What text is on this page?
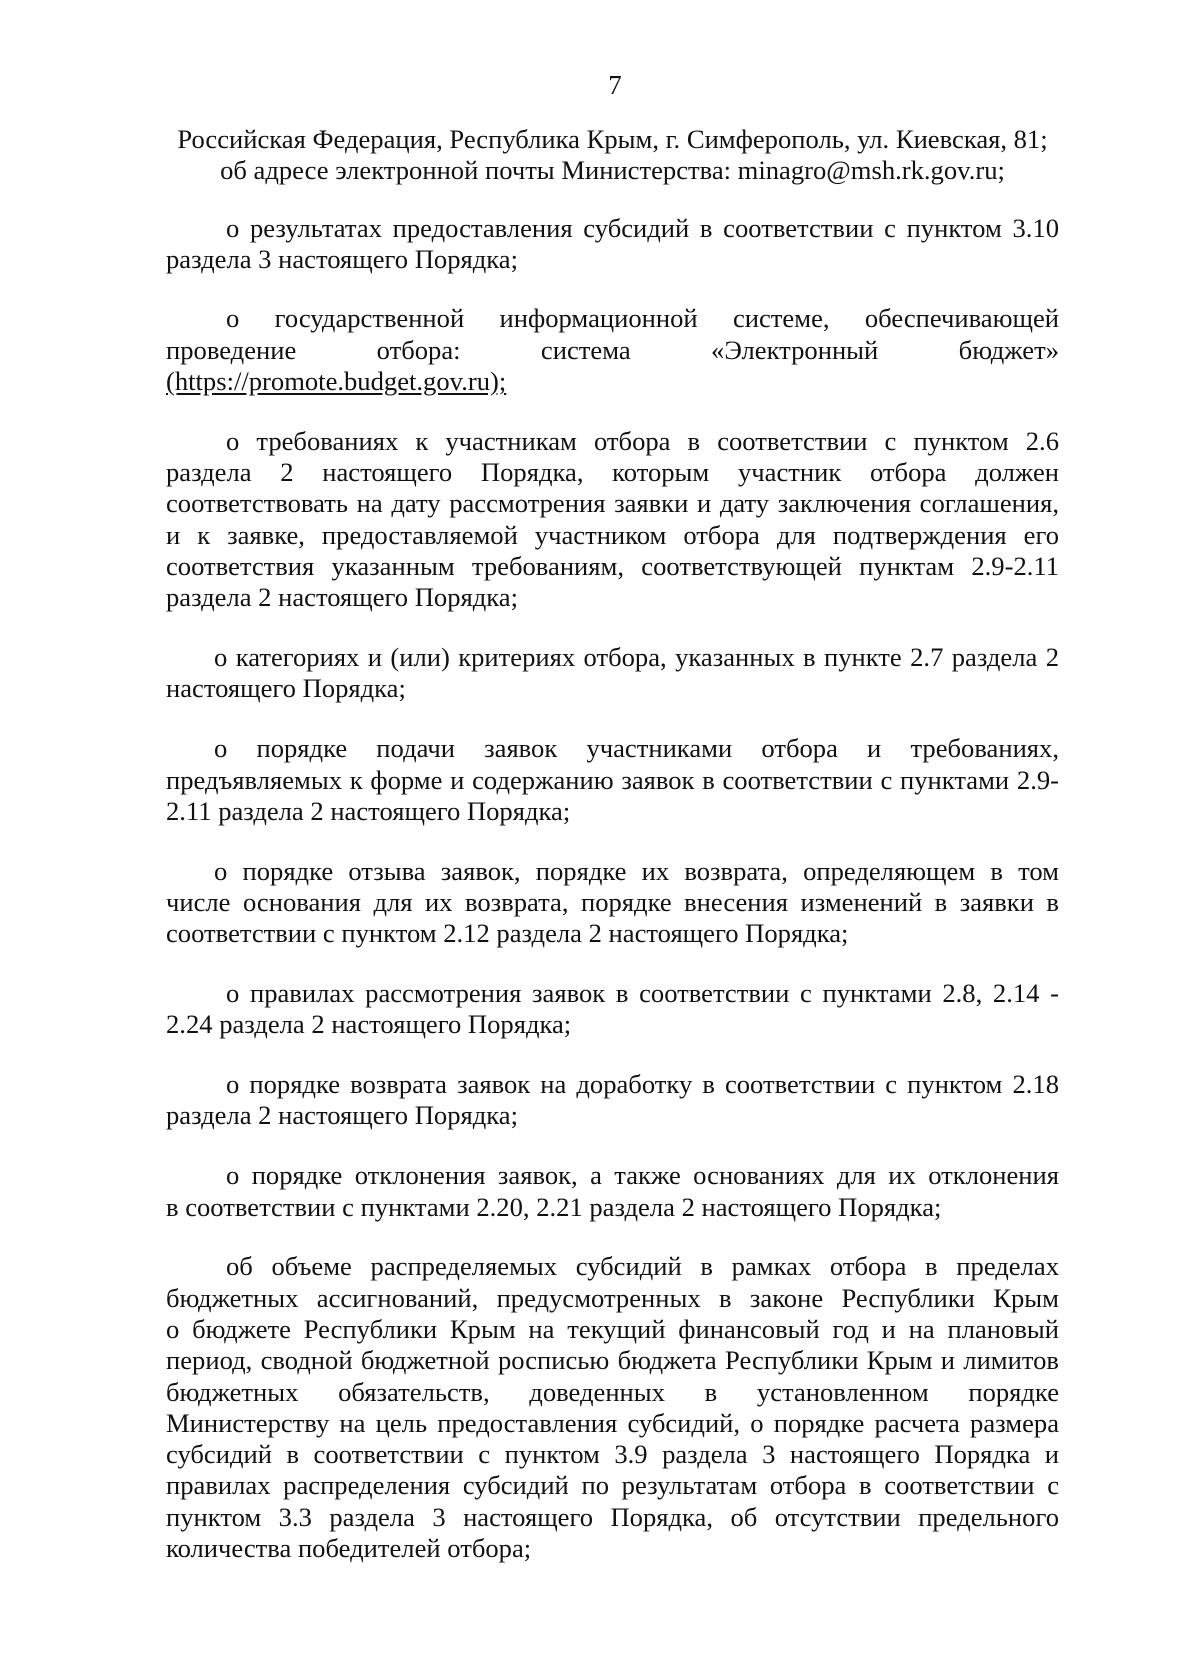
7
Российская Федерация, Республика Крым, г. Симферополь, ул. Киевская, 81;
об адресе электронной почты Министерства: minagro@msh.rk.gov.ru;
о результатах предоставления субсидий в соответствии с пунктом 3.10
раздела 3 настоящего Порядка;
о государственной информационной системе, обеспечивающей
проведение отбора: система «Электронный бюджет»
(https://promote.budget.gov.ru);
о требованиях к участникам отбора в соответствии с пунктом 2.6
раздела 2 настоящего Порядка, которым участник отбора должен
соответствовать на дату рассмотрения заявки и дату заключения соглашения,
и к заявке, предоставляемой участником отбора для подтверждения его
соответствия указанным требованиям, соответствующей пунктам 2.9-2.11
раздела 2 настоящего Порядка;
о категориях и (или) критериях отбора, указанных в пункте 2.7 раздела 2
настоящего Порядка;
о порядке подачи заявок участниками отбора и требованиях,
предъявляемых к форме и содержанию заявок в соответствии с пунктами 2.9-
2.11 раздела 2 настоящего Порядка;
о порядке отзыва заявок, порядке их возврата, определяющем в том
числе основания для их возврата, порядке внесения изменений в заявки в
соответствии с пунктом 2.12 раздела 2 настоящего Порядка;
о правилах рассмотрения заявок в соответствии с пунктами 2.8, 2.14 -
2.24 раздела 2 настоящего Порядка;
о порядке возврата заявок на доработку в соответствии с пунктом 2.18
раздела 2 настоящего Порядка;
о порядке отклонения заявок, а также основаниях для их отклонения
в соответствии с пунктами 2.20, 2.21 раздела 2 настоящего Порядка;
об объеме распределяемых субсидий в рамках отбора в пределах
бюджетных ассигнований, предусмотренных в законе Республики Крым
о бюджете Республики Крым на текущий финансовый год и на плановый
период, сводной бюджетной росписью бюджета Республики Крым и лимитов
бюджетных обязательств, доведенных в установленном порядке
Министерству на цель предоставления субсидий, о порядке расчета размера
субсидий в соответствии с пунктом 3.9 раздела 3 настоящего Порядка и
правилах распределения субсидий по результатам отбора в соответствии с
пунктом 3.3 раздела 3 настоящего Порядка, об отсутствии предельного
количества победителей отбора;
